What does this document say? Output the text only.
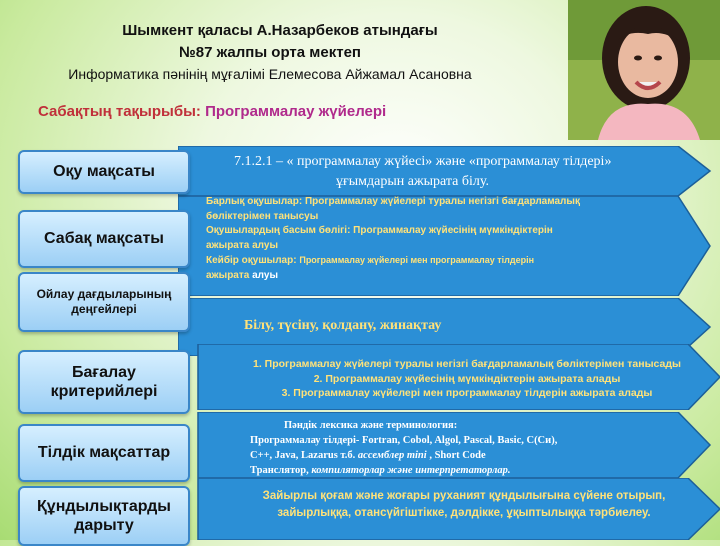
Шымкент қаласы А.Назарбеков атындағы
№87 жалпы орта мектеп
Информатика пәнінің мұғалімі Елемесова Айжамал Асановна
Сабақтың тақырыбы: Программалау жүйелері
Оқу мақсаты
Сабақ мақсаты
Ойлау дағдыларының деңгейлері
Бағалау критерийлері
Тілдік мақсаттар
Құндылықтарды дарыту
7.1.2.1 – « программалау жүйесі» және «программалау тілдері»
ұғымдарын ажырата білу.
Барлық оқушылар: Программалау жүйелері туралы негізгі бағдарламалық
бөліктерімен танысуы
Оқушылардың басым бөлігі: Программалау жүйесінің мүмкіндіктерін
ажырата алуы
Кейбір оқушылар: Программалау жүйелері мен программалау тілдерін
ажырата алуы
Білу, түсіну, қолдану, жинақтау
1. Программалау жүйелері туралы негізгі бағдарламалық бөліктерімен танысады
2. Программалау жүйесінің мүмкіндіктерін ажырата алады
3. Программалау жүйелері мен программалау тілдерін ажырата алады
Пәндік лексика және терминология:
Программалау тілдері- Fortran, Cobol, Algol, Pascal, Basic, С(Си),
С++, Java, Lazarus т.б. ассемблер mini , Short Code
Транслятор, компиляторлар және интерпретаторлар.
Зайырлы қоғам және жоғары руханият құндылығына сүйене отырып,
зайырлыққа, отансүйгіштікке, дәлдікке, ұқыптылыққа тәрбиелеу.
